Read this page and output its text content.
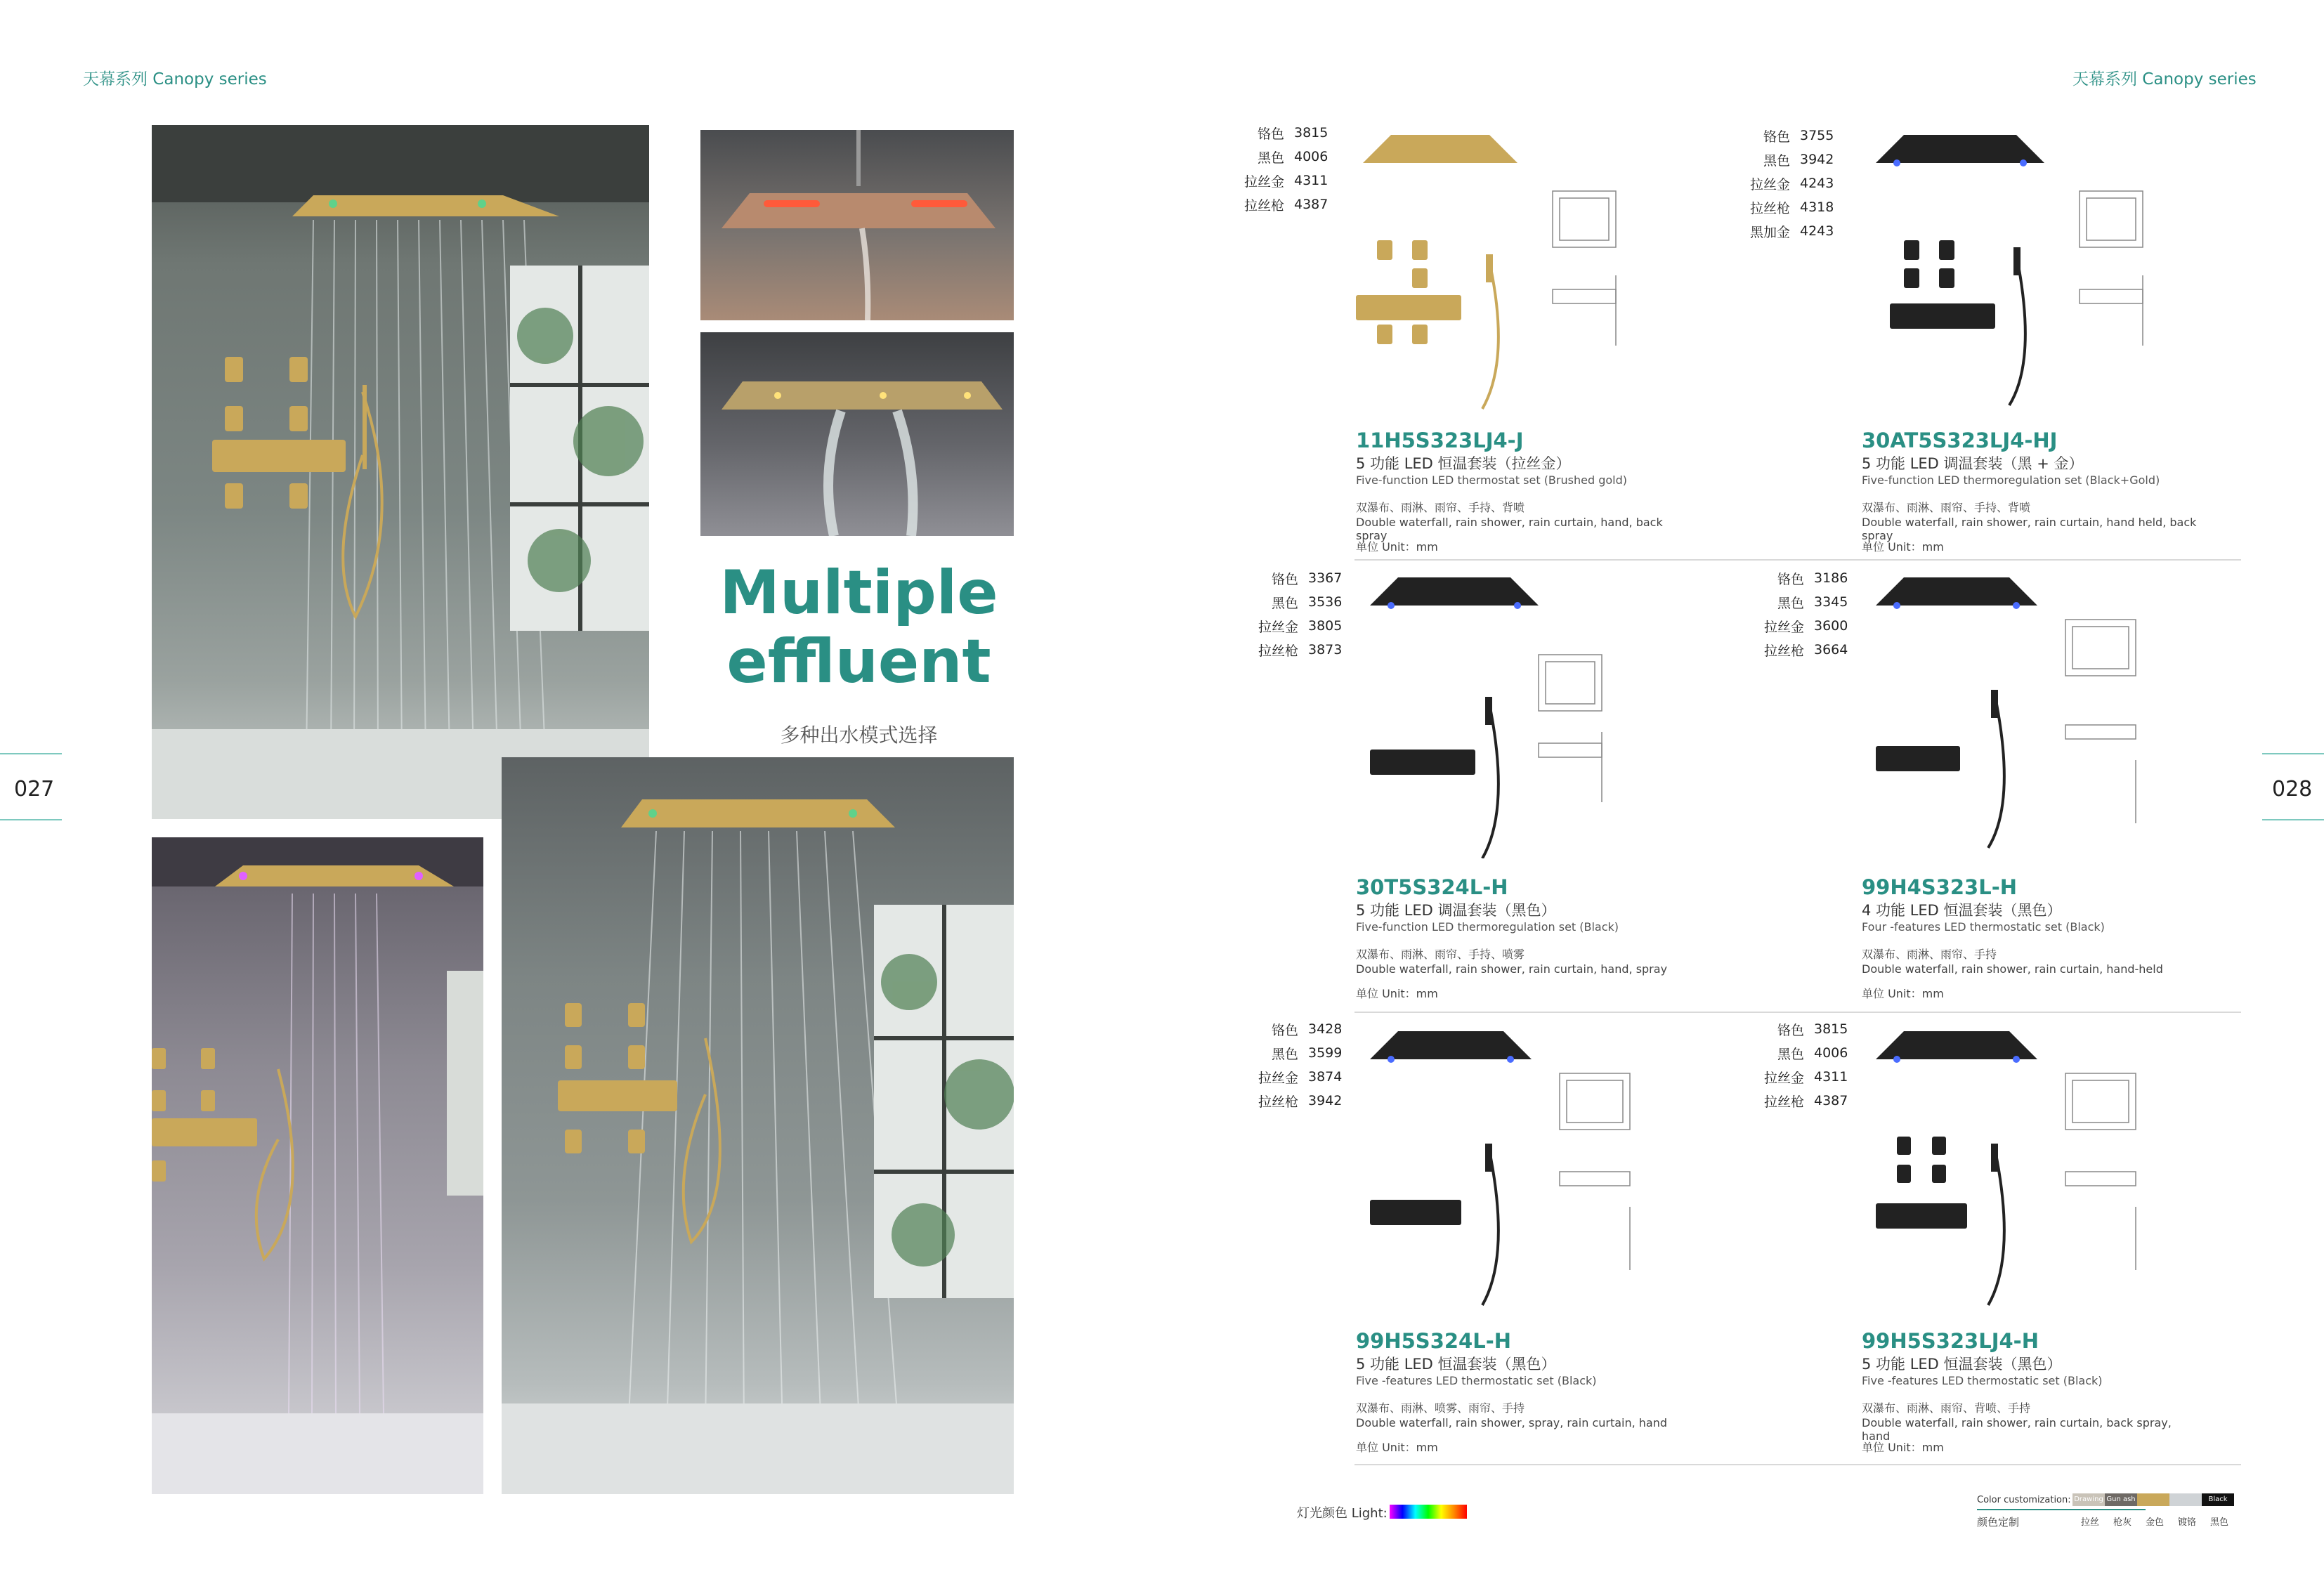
天幕系列 Canopy series	天幕系列 Canopy series
027	028
Multiple
effluent
多种出水模式选择
铬色 3815
黑色 4006
拉丝金 4311
拉丝枪 4387
11H5S323LJ4-J
5 功能 LED 恒温套装（拉丝金）
Five-function LED thermostat set (Brushed gold)
双瀑布、雨淋、雨帘、手持、背喷
Double waterfall, rain shower, rain curtain, hand, back spray
单位 Unit：mm
铬色 3755
黑色 3942
拉丝金 4243
拉丝枪 4318
黑加金 4243
30AT5S323LJ4-HJ
5 功能 LED 调温套装（黑 + 金）
Five-function LED thermoregulation set (Black+Gold)
双瀑布、雨淋、雨帘、手持、背喷
Double waterfall, rain shower, rain curtain, hand held, back spray
单位 Unit：mm
铬色 3367
黑色 3536
拉丝金 3805
拉丝枪 3873
30T5S324L-H
5 功能 LED 调温套装（黑色）
Five-function LED thermoregulation set (Black)
双瀑布、雨淋、雨帘、手持、喷雾
Double waterfall, rain shower, rain curtain, hand, spray
单位 Unit：mm
铬色 3186
黑色 3345
拉丝金 3600
拉丝枪 3664
99H4S323L-H
4 功能 LED 恒温套装（黑色）
Four -features LED thermostatic set (Black)
双瀑布、雨淋、雨帘、手持
Double waterfall, rain shower, rain curtain, hand-held
单位 Unit：mm
铬色 3428
黑色 3599
拉丝金 3874
拉丝枪 3942
99H5S324L-H
5 功能 LED 恒温套装（黑色）
Five -features LED thermostatic set (Black)
双瀑布、雨淋、喷雾、雨帘、手持
Double waterfall, rain shower, spray, rain curtain, hand
单位 Unit：mm
铬色 3815
黑色 4006
拉丝金 4311
拉丝枪 4387
99H5S323LJ4-H
5 功能 LED 恒温套装（黑色）
Five -features LED thermostatic set (Black)
双瀑布、雨淋、雨帘、背喷、手持
Double waterfall, rain shower, rain curtain, back spray, hand
单位 Unit：mm
灯光颜色 Light:
Color customization:
颜色定制
Drawing Gun ash	Black
拉丝 枪灰 金色 镀铬 黑色
